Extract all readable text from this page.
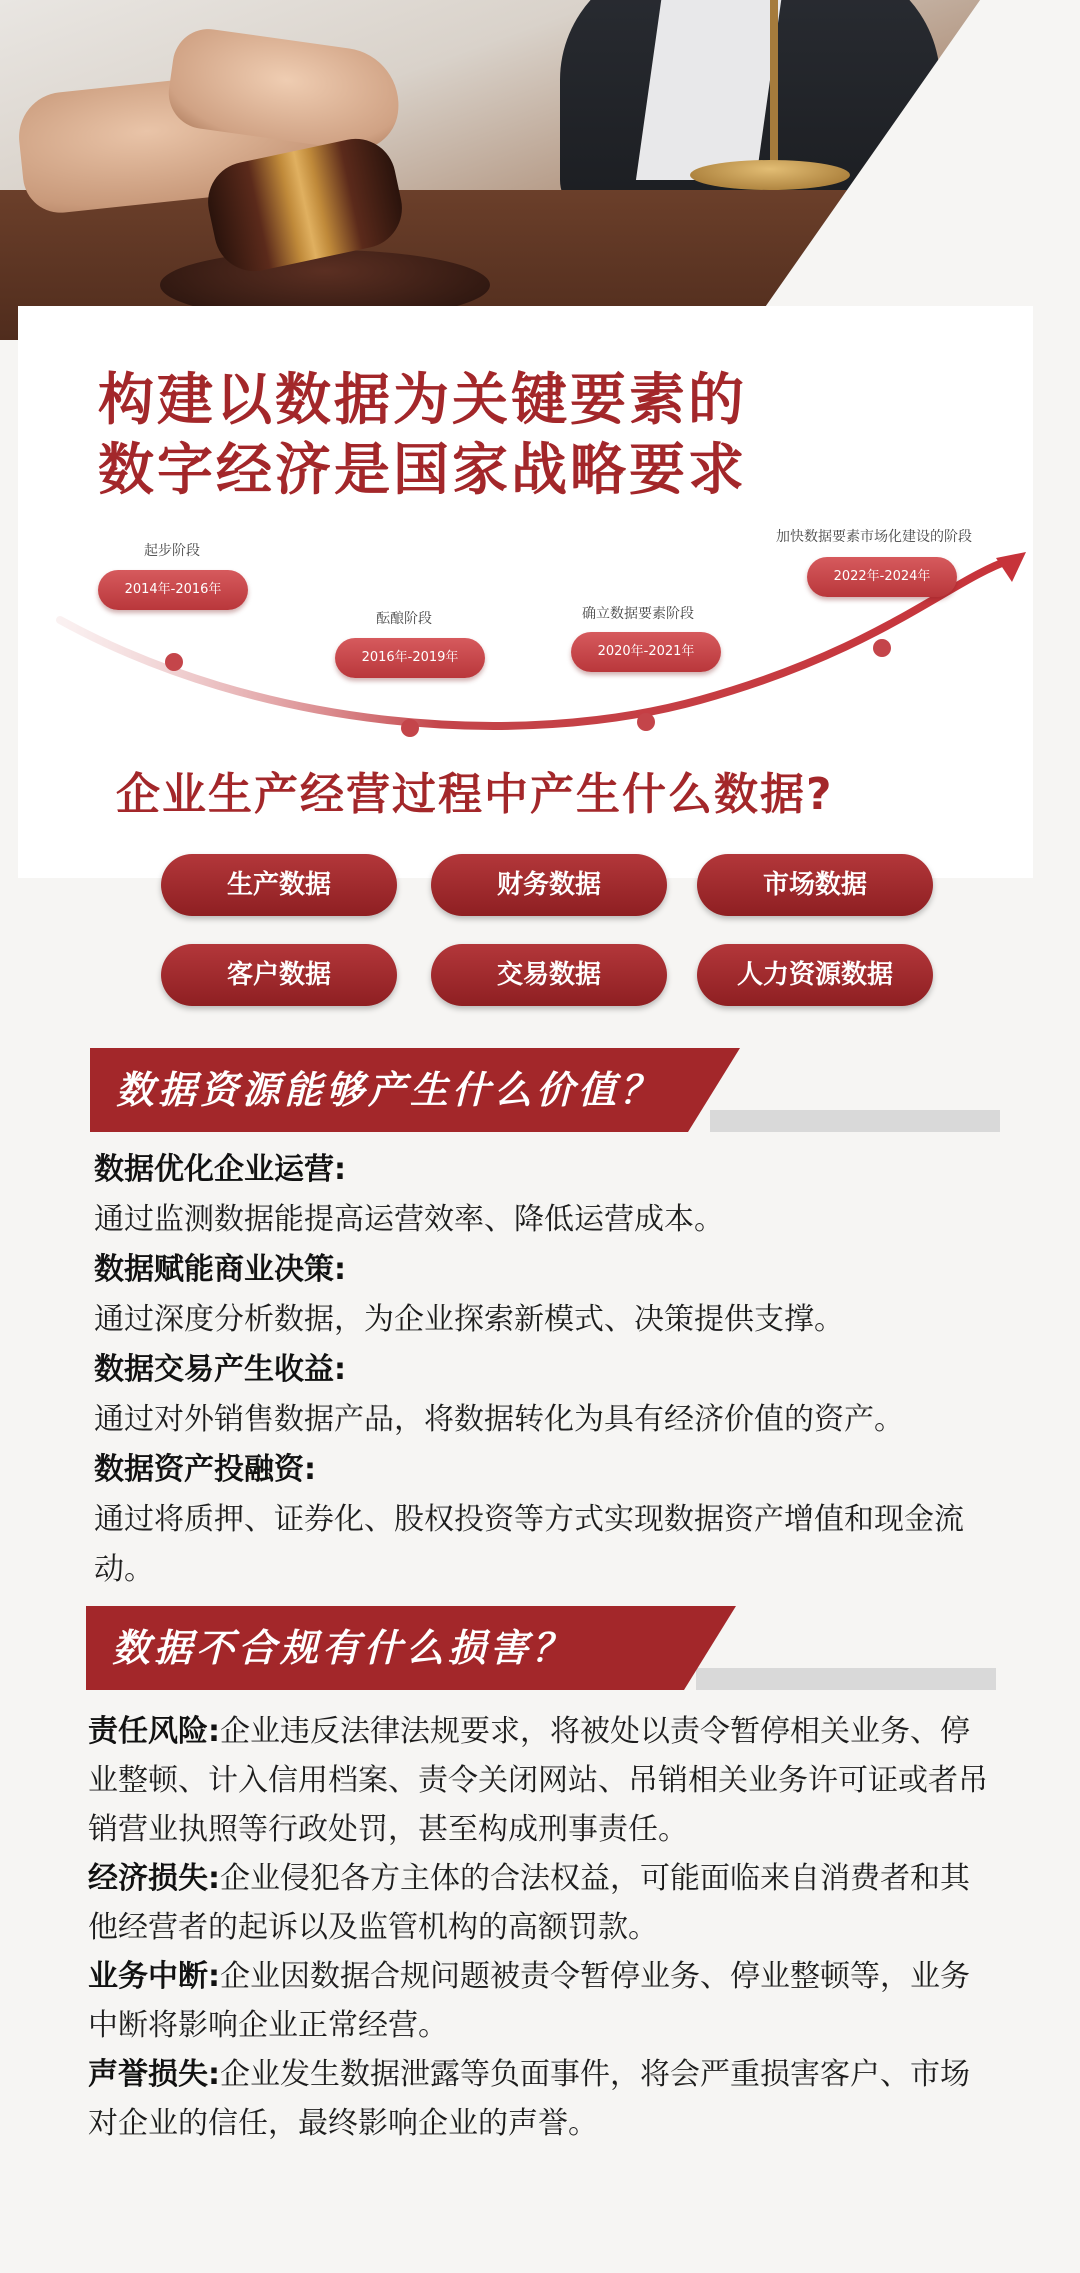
构建以数据为关键要素的
数字经济是国家战略要求
起步阶段
2014年-2016年
酝酿阶段
2016年-2019年
确立数据要素阶段
2020年-2021年
加快数据要素市场化建设的阶段
2022年-2024年
企业生产经营过程中产生什么数据?
生产数据	财务数据	市场数据
客户数据	交易数据	人力资源数据
数据资源能够产生什么价值？
数据优化企业运营:
通过监测数据能提高运营效率、降低运营成本。
数据赋能商业决策:
通过深度分析数据，为企业探索新模式、决策提供支撑。
数据交易产生收益:
通过对外销售数据产品，将数据转化为具有经济价值的资产。
数据资产投融资:
通过将质押、证券化、股权投资等方式实现数据资产增值和现金流动。
数据不合规有什么损害？
责任风险:企业违反法律法规要求，将被处以责令暂停相关业务、停业整顿、计入信用档案、责令关闭网站、吊销相关业务许可证或者吊销营业执照等行政处罚，甚至构成刑事责任。
经济损失:企业侵犯各方主体的合法权益，可能面临来自消费者和其他经营者的起诉以及监管机构的高额罚款。
业务中断:企业因数据合规问题被责令暂停业务、停业整顿等，业务中断将影响企业正常经营。
声誉损失:企业发生数据泄露等负面事件，将会严重损害客户、市场对企业的信任，最终影响企业的声誉。
